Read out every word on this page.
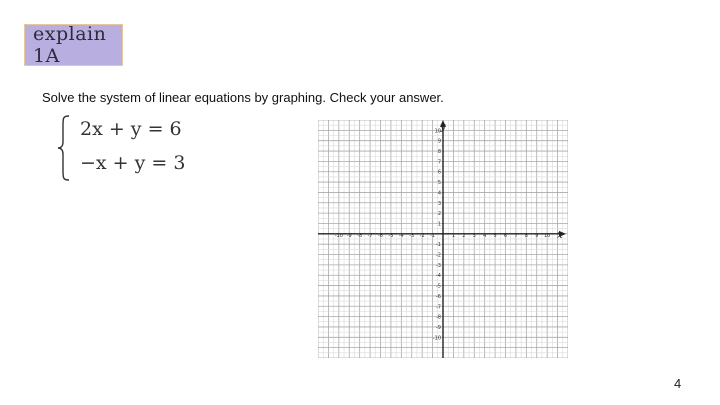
explain 1A
Solve the system of linear equations by graphing. Check your answer.
2x + y = 6
−x + y = 3
x
y
-10 -9 -8 -7 -6 -5 -4 -3 -2 -1	1 2 3 4 5 6 7 8 9 10
10
9
8
7
6
5
4
3
2
1
-1
-2
-3
-4
-5
-6
-7
-8
-9
-10
4
